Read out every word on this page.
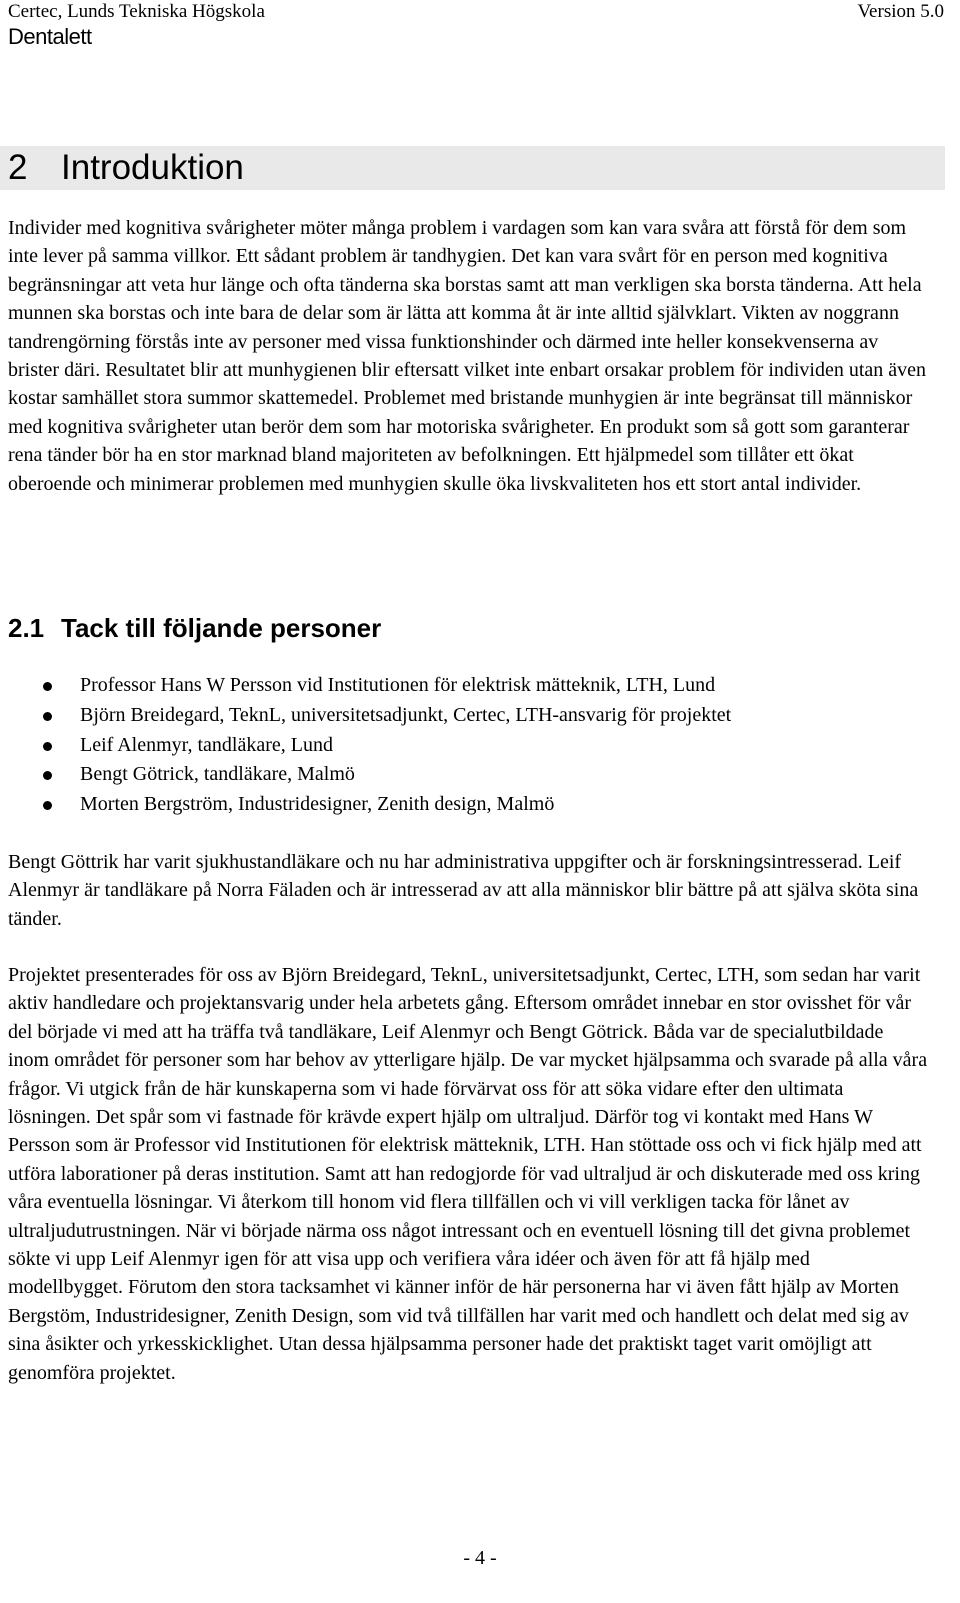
Certec, Lunds Tekniska Högskola
Dentalett
Version 5.0
2 Introduktion

Individer med kognitiva svårigheter möter många problem i vardagen som kan vara svåra att förstå för dem som inte lever på samma villkor. Ett sådant problem är tandhygien. Det kan vara svårt för en person med kognitiva begränsningar att veta hur länge och ofta tänderna ska borstas samt att man verkligen ska borsta tänderna. Att hela munnen ska borstas och inte bara de delar som är lätta att komma åt är inte alltid självklart. Vikten av noggrann tandrengörning förstås inte av personer med vissa funktionshinder och därmed inte heller konsekvenserna av brister däri. Resultatet blir att munhygienen blir eftersatt vilket inte enbart orsakar problem för individen utan även kostar samhället stora summor skattemedel. Problemet med bristande munhygien är inte begränsat till människor med kognitiva svårigheter utan berör dem som har motoriska svårigheter. En produkt som så gott som garanterar rena tänder bör ha en stor marknad bland majoriteten av befolkningen. Ett hjälpmedel som tillåter ett ökat oberoende och minimerar problemen med munhygien skulle öka livskvaliteten hos ett stort antal individer.

2.1 Tack till följande personer
Professor Hans W Persson vid Institutionen för elektrisk mätteknik, LTH, Lund
Björn Breidegard, TeknL, universitetsadjunkt, Certec, LTH-ansvarig för projektet
Leif Alenmyr, tandläkare, Lund
Bengt Götrick, tandläkare, Malmö
Morten Bergström, Industridesigner, Zenith design, Malmö

Bengt Göttrik har varit sjukhustandläkare och nu har administrativa uppgifter och är forskningsintresserad. Leif Alenmyr är tandläkare på Norra Fäladen och är intresserad av att alla människor blir bättre på att själva sköta sina tänder.

Projektet presenterades för oss av Björn Breidegard, TeknL, universitetsadjunkt, Certec, LTH, som sedan har varit aktiv handledare och projektansvarig under hela arbetets gång. Eftersom området innebar en stor ovisshet för vår del började vi med att ha träffa två tandläkare, Leif Alenmyr och Bengt Götrick. Båda var de specialutbildade inom området för personer som har behov av ytterligare hjälp. De var mycket hjälpsamma och svarade på alla våra frågor. Vi utgick från de här kunskaperna som vi hade förvärvat oss för att söka vidare efter den ultimata lösningen. Det spår som vi fastnade för krävde expert hjälp om ultraljud. Därför tog vi kontakt med Hans W Persson som är Professor vid Institutionen för elektrisk mätteknik, LTH. Han stöttade oss och vi fick hjälp med att utföra laborationer på deras institution. Samt att han redogjorde för vad ultraljud är och diskuterade med oss kring våra eventuella lösningar. Vi återkom till honom vid flera tillfällen och vi vill verkligen tacka för lånet av ultraljudutrustningen. När vi började närma oss något intressant och en eventuell lösning till det givna problemet sökte vi upp Leif Alenmyr igen för att visa upp och verifiera våra idéer och även för att få hjälp med modellbygget. Förutom den stora tacksamhet vi känner inför de här personerna har vi även fått hjälp av Morten Bergstöm, Industridesigner, Zenith Design, som vid två tillfällen har varit med och handlett och delat med sig av sina åsikter och yrkesskicklighet. Utan dessa hjälpsamma personer hade det praktiskt taget varit omöjligt att genomföra projektet.

- 4 -
